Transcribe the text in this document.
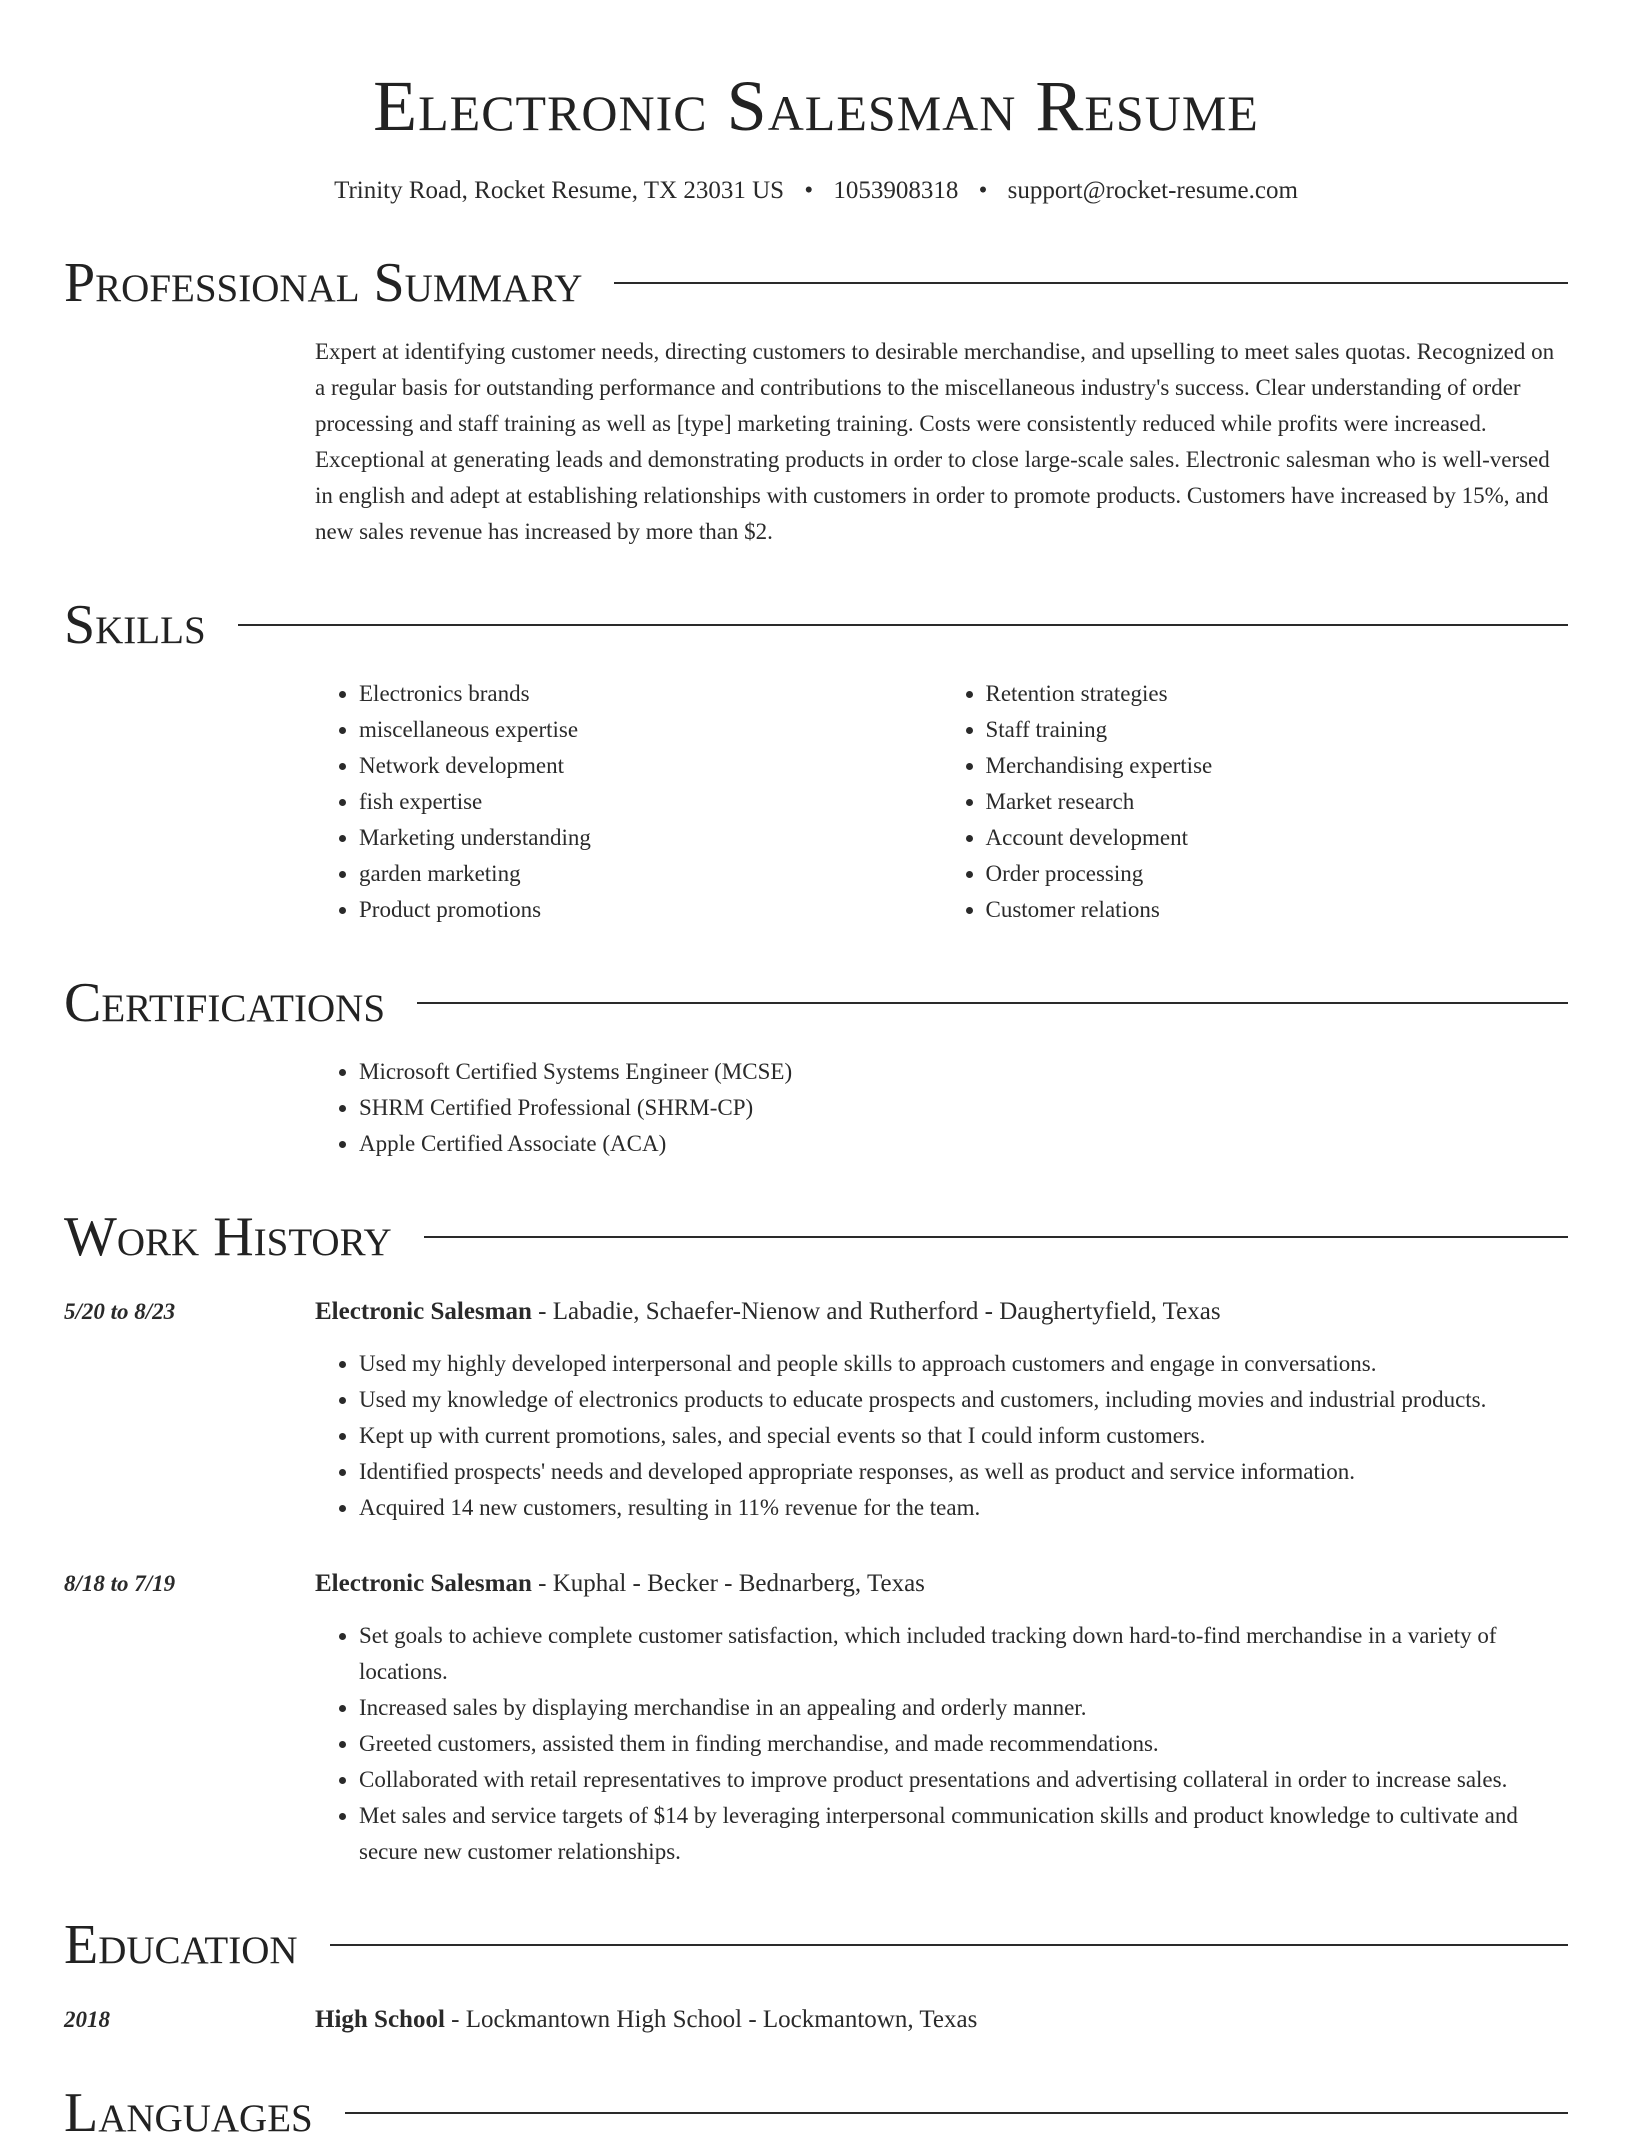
Electronic Salesman Resume
Trinity Road, Rocket Resume, TX 23031 US • 1053908318 • support@rocket-resume.com
Professional Summary
Expert at identifying customer needs, directing customers to desirable merchandise, and upselling to meet sales quotas. Recognized on a regular basis for outstanding performance and contributions to the miscellaneous industry's success. Clear understanding of order processing and staff training as well as [type] marketing training. Costs were consistently reduced while profits were increased. Exceptional at generating leads and demonstrating products in order to close large-scale sales. Electronic salesman who is well-versed in english and adept at establishing relationships with customers in order to promote products. Customers have increased by 15%, and new sales revenue has increased by more than $2.
Skills
• Electronics brands
• miscellaneous expertise
• Network development
• fish expertise
• Marketing understanding
• garden marketing
• Product promotions
• Retention strategies
• Staff training
• Merchandising expertise
• Market research
• Account development
• Order processing
• Customer relations
Certifications
• Microsoft Certified Systems Engineer (MCSE)
• SHRM Certified Professional (SHRM-CP)
• Apple Certified Associate (ACA)
Work History
5/20 to 8/23	Electronic Salesman - Labadie, Schaefer-Nienow and Rutherford - Daughertyfield, Texas
• Used my highly developed interpersonal and people skills to approach customers and engage in conversations.
• Used my knowledge of electronics products to educate prospects and customers, including movies and industrial products.
• Kept up with current promotions, sales, and special events so that I could inform customers.
• Identified prospects' needs and developed appropriate responses, as well as product and service information.
• Acquired 14 new customers, resulting in 11% revenue for the team.
8/18 to 7/19	Electronic Salesman - Kuphal - Becker - Bednarberg, Texas
• Set goals to achieve complete customer satisfaction, which included tracking down hard-to-find merchandise in a variety of locations.
• Increased sales by displaying merchandise in an appealing and orderly manner.
• Greeted customers, assisted them in finding merchandise, and made recommendations.
• Collaborated with retail representatives to improve product presentations and advertising collateral in order to increase sales.
• Met sales and service targets of $14 by leveraging interpersonal communication skills and product knowledge to cultivate and secure new customer relationships.
Education
2018	High School - Lockmantown High School - Lockmantown, Texas
Languages
